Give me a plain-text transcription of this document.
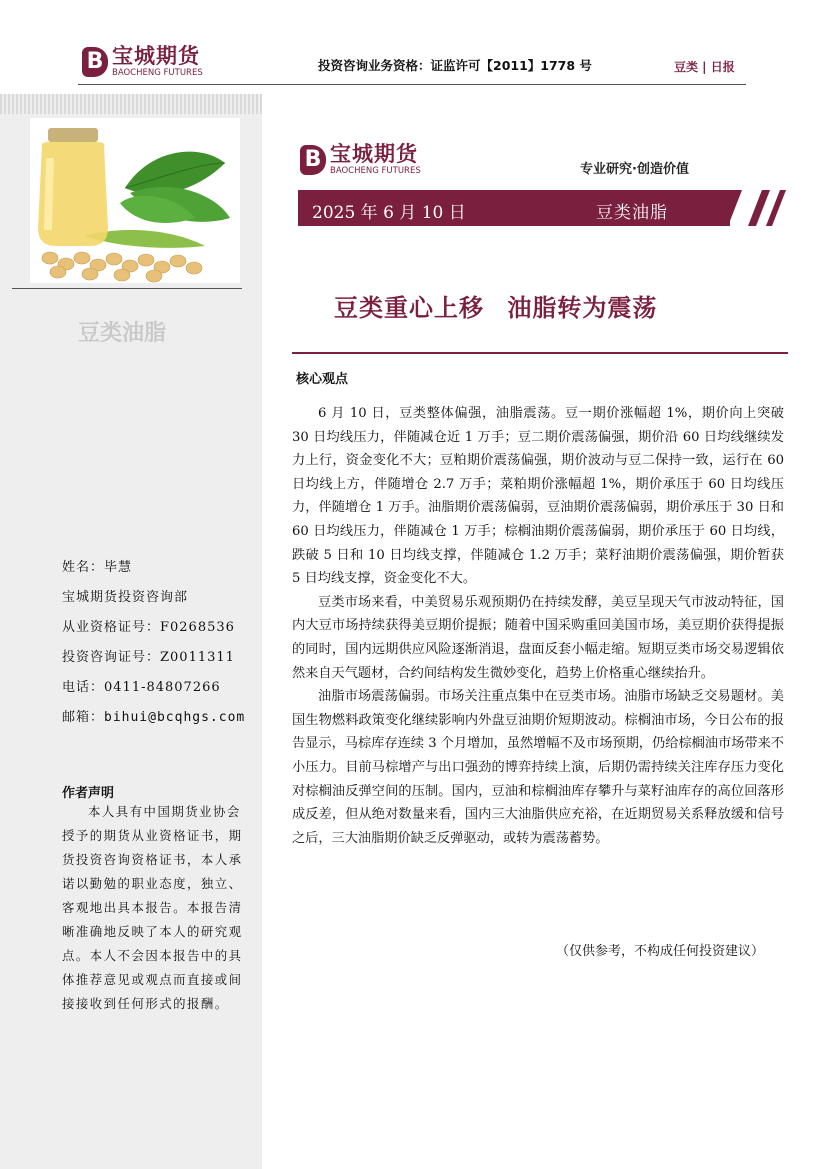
B 宝城期货
BAOCHENG FUTURES	投资咨询业务资格：证监许可【2011】1778 号	豆类 | 日报
豆类油脂
姓名：毕慧
宝城期货投资咨询部
从业资格证号：F0268536
投资咨询证号：Z0011311
电话：0411-84807266
邮箱：bihui@bcqhgs.com
作者声明
本人具有中国期货业协会授予的期货从业资格证书，期货投资咨询资格证书，本人承诺以勤勉的职业态度，独立、客观地出具本报告。本报告清晰准确地反映了本人的研究观点。本人不会因本报告中的具体推荐意见或观点而直接或间接接收到任何形式的报酬。
B 宝城期货
BAOCHENG FUTURES	专业研究·创造价值
2025 年 6 月 10 日	豆类油脂
豆类重心上移 油脂转为震荡
核心观点

6 月 10 日，豆类整体偏强，油脂震荡。豆一期价涨幅超 1%，期价向上突破 30 日均线压力，伴随减仓近 1 万手；豆二期价震荡偏强，期价沿 60 日均线继续发力上行，资金变化不大；豆粕期价震荡偏强，期价波动与豆二保持一致，运行在 60 日均线上方，伴随增仓 2.7 万手；菜粕期价涨幅超 1%，期价承压于 60 日均线压力，伴随增仓 1 万手。油脂期价震荡偏弱，豆油期价震荡偏弱，期价承压于 30 日和 60 日均线压力，伴随减仓 1 万手；棕榈油期价震荡偏弱，期价承压于 60 日均线，跌破 5 日和 10 日均线支撑，伴随减仓 1.2 万手；菜籽油期价震荡偏强，期价暂获 5 日均线支撑，资金变化不大。

豆类市场来看，中美贸易乐观预期仍在持续发酵，美豆呈现天气市波动特征，国内大豆市场持续获得美豆期价提振；随着中国采购重回美国市场，美豆期价获得提振的同时，国内远期供应风险逐渐消退，盘面反套小幅走缩。短期豆类市场交易逻辑依然来自天气题材，合约间结构发生微妙变化，趋势上价格重心继续抬升。

油脂市场震荡偏弱。市场关注重点集中在豆类市场。油脂市场缺乏交易题材。美国生物燃料政策变化继续影响内外盘豆油期价短期波动。棕榈油市场，今日公布的报告显示，马棕库存连续 3 个月增加，虽然增幅不及市场预期，仍给棕榈油市场带来不小压力。目前马棕增产与出口强劲的博弈持续上演，后期仍需持续关注库存压力变化对棕榈油反弹空间的压制。国内，豆油和棕榈油库存攀升与菜籽油库存的高位回落形成反差，但从绝对数量来看，国内三大油脂供应充裕，在近期贸易关系释放缓和信号之后，三大油脂期价缺乏反弹驱动，或转为震荡蓄势。

（仅供参考，不构成任何投资建议）
